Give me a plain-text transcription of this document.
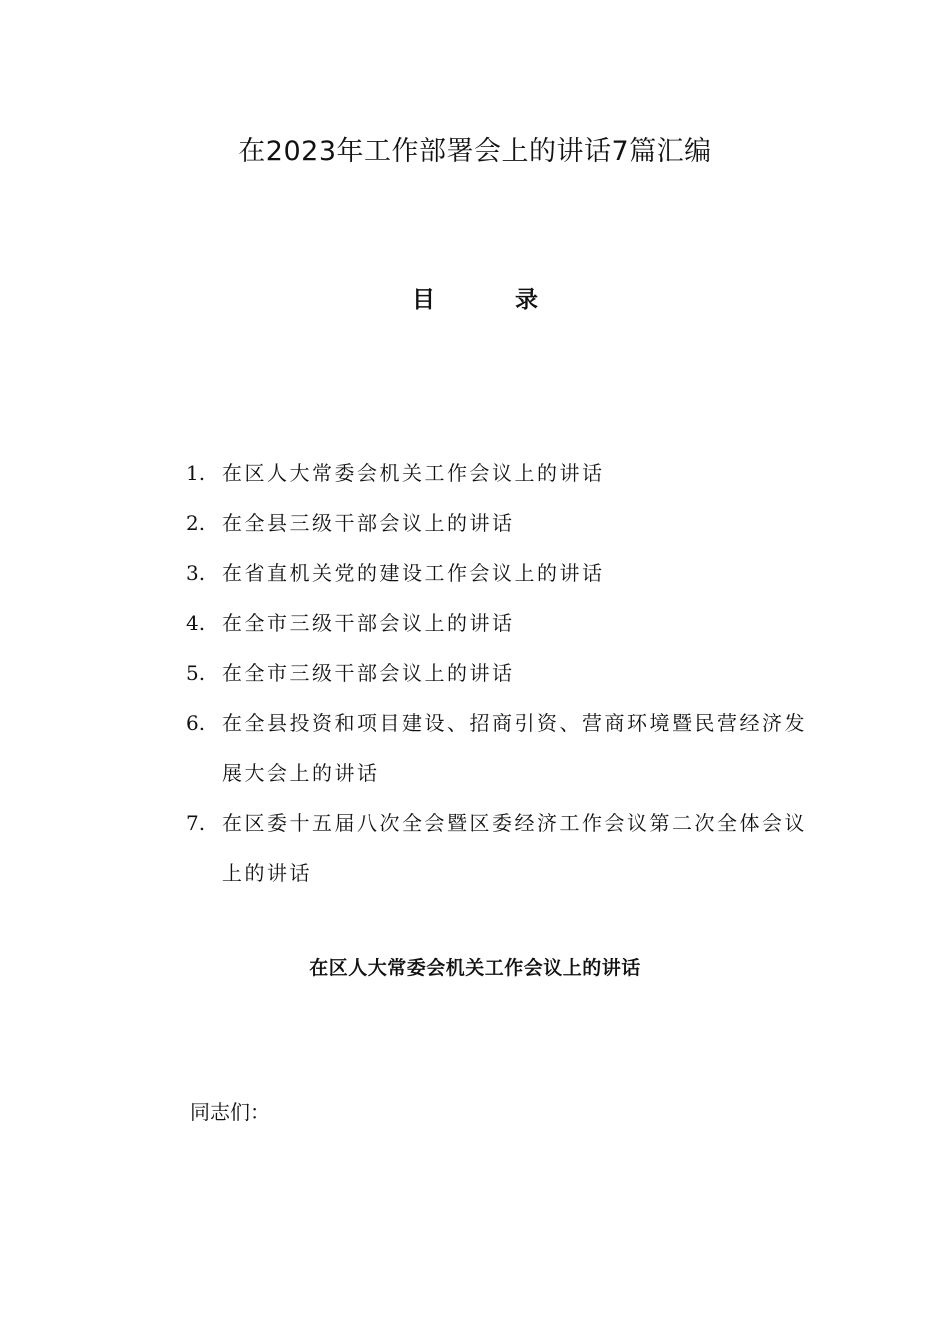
在2023年工作部署会上的讲话7篇汇编
目 录
1. 在区人大常委会机关工作会议上的讲话
2. 在全县三级干部会议上的讲话
3. 在省直机关党的建设工作会议上的讲话
4. 在全市三级干部会议上的讲话
5. 在全市三级干部会议上的讲话
6. 在全县投资和项目建设、招商引资、营商环境暨民营经济发展大会上的讲话
7. 在区委十五届八次全会暨区委经济工作会议第二次全体会议上的讲话
在区人大常委会机关工作会议上的讲话
同志们：
